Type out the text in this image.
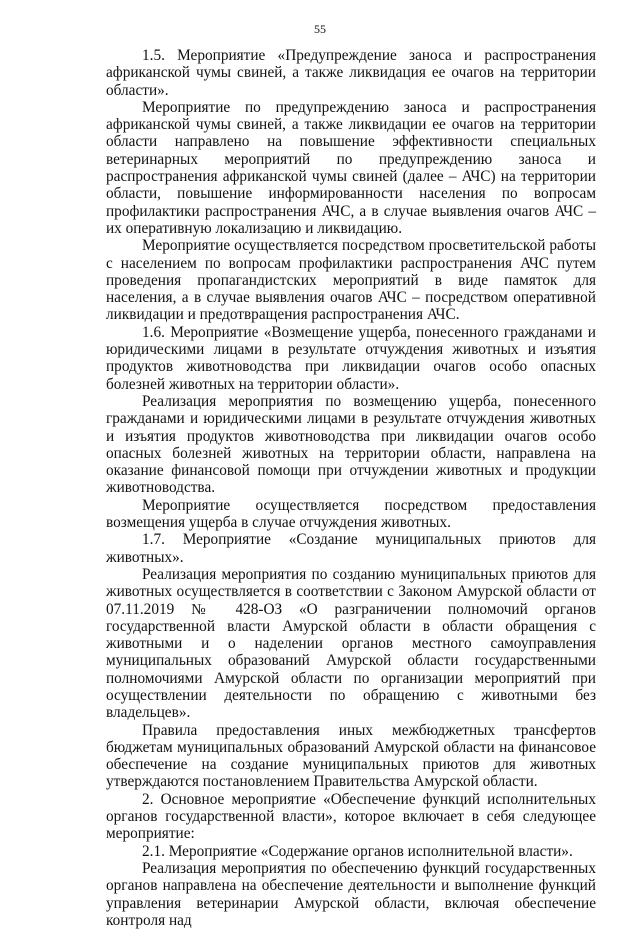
55

1.5. Мероприятие «Предупреждение заноса и распространения африканской чумы свиней, а также ликвидация ее очагов на территории области».

Мероприятие по предупреждению заноса и распространения африканской чумы свиней, а также ликвидации ее очагов на территории области направлено на повышение эффективности специальных ветеринарных мероприятий по предупреждению заноса и распространения африканской чумы свиней (далее – АЧС) на территории области, повышение информированности населения по вопросам профилактики распространения АЧС, а в случае выявления очагов АЧС – их оперативную локализацию и ликвидацию.

Мероприятие осуществляется посредством просветительской работы с населением по вопросам профилактики распространения АЧС путем проведения пропагандистских мероприятий в виде памяток для населения, а в случае выявления очагов АЧС – посредством оперативной ликвидации и предотвращения распространения АЧС.

1.6. Мероприятие «Возмещение ущерба, понесенного гражданами и юридическими лицами в результате отчуждения животных и изъятия продуктов животноводства при ликвидации очагов особо опасных болезней животных на территории области».

Реализация мероприятия по возмещению ущерба, понесенного гражданами и юридическими лицами в результате отчуждения животных и изъятия продуктов животноводства при ликвидации очагов особо опасных болезней животных на территории области, направлена на оказание финансовой помощи при отчуждении животных и продукции животноводства.

Мероприятие осуществляется посредством предоставления возмещения ущерба в случае отчуждения животных.

1.7. Мероприятие «Создание муниципальных приютов для животных».

Реализация мероприятия по созданию муниципальных приютов для животных осуществляется в соответствии с Законом Амурской области от 07.11.2019 № 428-ОЗ «О разграничении полномочий органов государственной власти Амурской области в области обращения с животными и о наделении органов местного самоуправления муниципальных образований Амурской области государственными полномочиями Амурской области по организации мероприятий при осуществлении деятельности по обращению с животными без владельцев».

Правила предоставления иных межбюджетных трансфертов бюджетам муниципальных образований Амурской области на финансовое обеспечение на создание муниципальных приютов для животных утверждаются постановлением Правительства Амурской области.

2. Основное мероприятие «Обеспечение функций исполнительных органов государственной власти», которое включает в себя следующее мероприятие:

2.1. Мероприятие «Содержание органов исполнительной власти».

Реализация мероприятия по обеспечению функций государственных органов направлена на обеспечение деятельности и выполнение функций управления ветеринарии Амурской области, включая обеспечение контроля над
